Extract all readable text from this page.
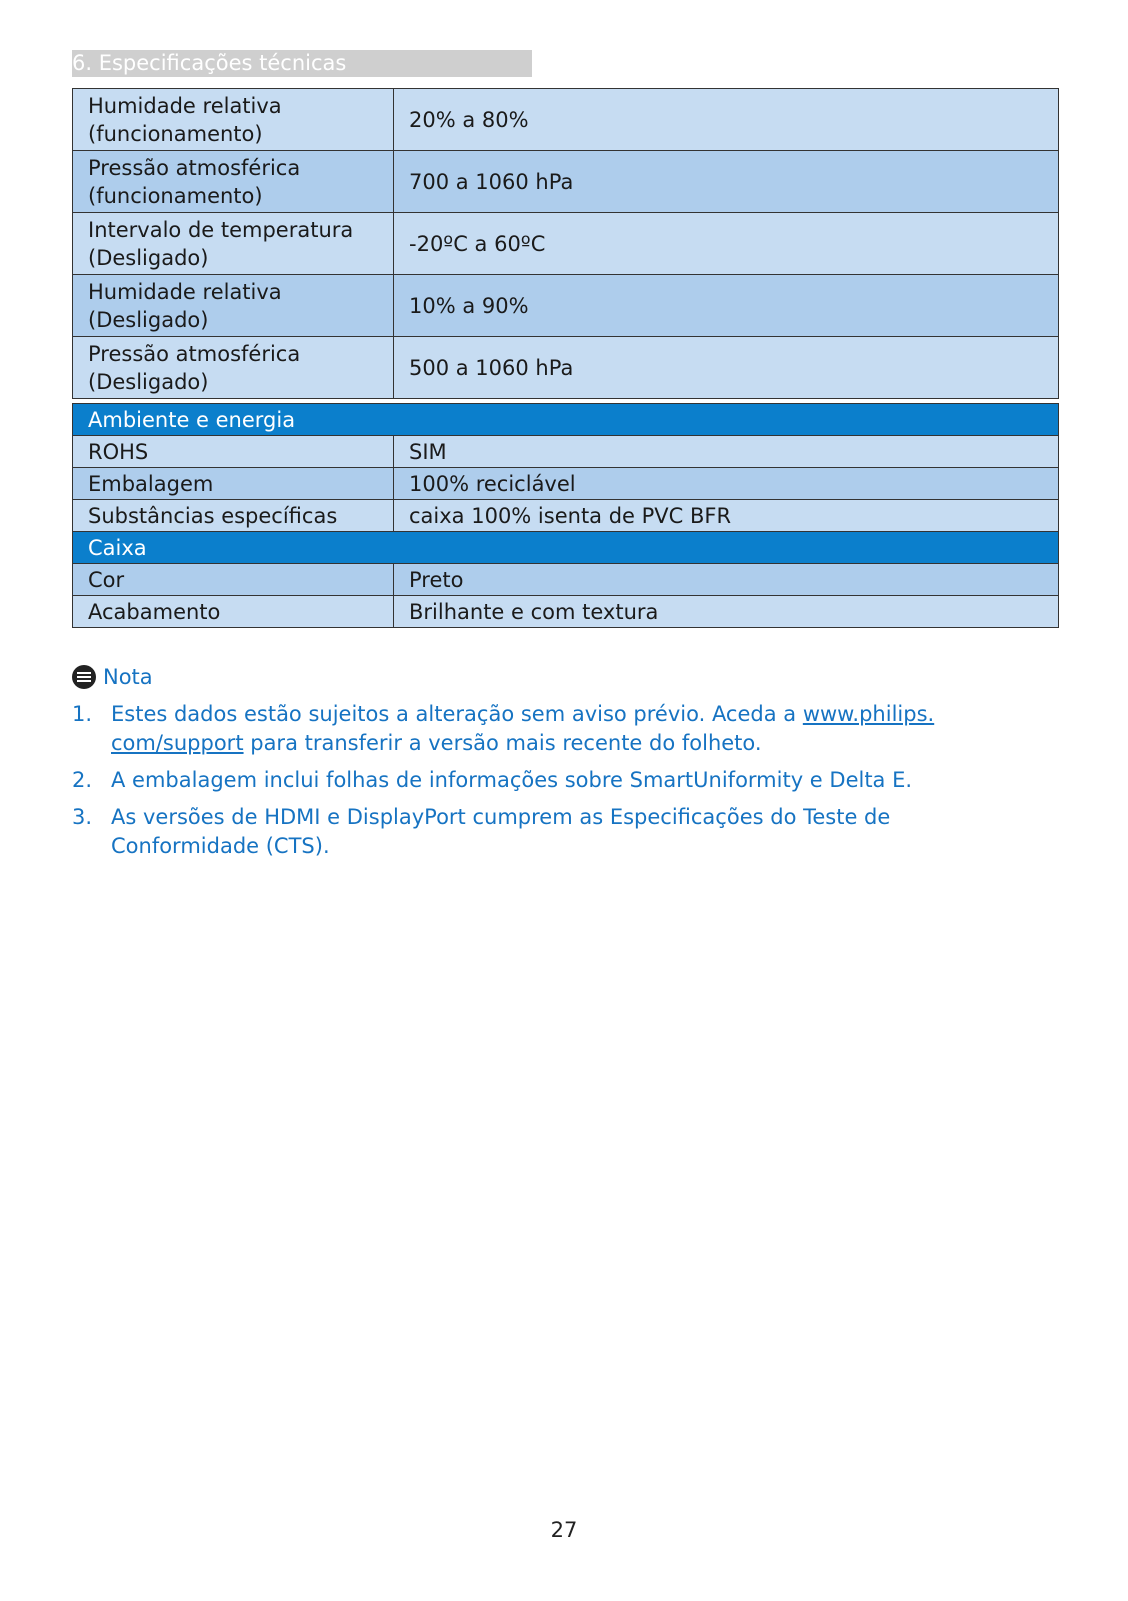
6. Especificações técnicas
Humidade relativa (funcionamento)	20% a 80%
Pressão atmosférica (funcionamento)	700 a 1060 hPa
Intervalo de temperatura (Desligado)	-20ºC a 60ºC
Humidade relativa (Desligado)	10% a 90%
Pressão atmosférica (Desligado)	500 a 1060 hPa
Ambiente e energia	
ROHS	SIM
Embalagem	100% reciclável
Substâncias específicas	caixa 100% isenta de PVC BFR
Caixa	
Cor	Preto
Acabamento	Brilhante e com textura
Nota
1. Estes dados estão sujeitos a alteração sem aviso prévio. Aceda a www.philips.
com/support para transferir a versão mais recente do folheto.
2. A embalagem inclui folhas de informações sobre SmartUniformity e Delta E.
3. As versões de HDMI e DisplayPort cumprem as Especificações do Teste de Conformidade (CTS).
27
